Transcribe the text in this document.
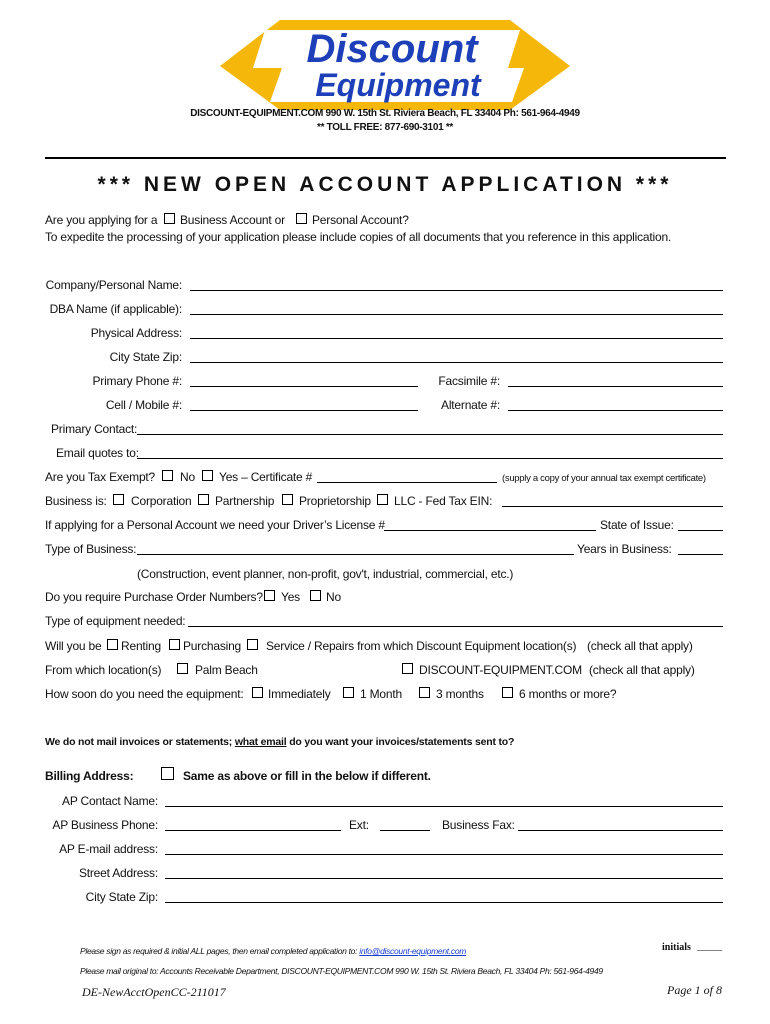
Discount
Equipment
DISCOUNT-EQUIPMENT.COM 990 W. 15th St. Riviera Beach, FL 33404 Ph: 561-964-4949
** TOLL FREE: 877-690-3101 **
*** NEW OPEN ACCOUNT APPLICATION ***
Are you applying for a Business Account or Personal Account?
To expedite the processing of your application please include copies of all documents that you reference in this application.
Company/Personal Name:
DBA Name (if applicable):
Physical Address:
City State Zip:
Primary Phone #:	Facsimile #:
Cell / Mobile #:	Alternate #:
Primary Contact:
Email quotes to:
Are you Tax Exempt? No Yes – Certificate #	(supply a copy of your annual tax exempt certificate)
Business is: Corporation Partnership Proprietorship LLC - Fed Tax EIN:
If applying for a Personal Account we need your Driver’s License #	State of Issue:
Type of Business:	Years in Business:
(Construction, event planner, non-profit, gov't, industrial, commercial, etc.)
Do you require Purchase Order Numbers? Yes No
Type of equipment needed:
Will you be Renting Purchasing Service / Repairs from which Discount Equipment location(s) (check all that apply)
From which location(s)	Palm Beach	DISCOUNT-EQUIPMENT.COM (check all that apply)
How soon do you need the equipment: Immediately 1 Month	3 months	6 months or more?
We do not mail invoices or statements; what email do you want your invoices/statements sent to?
Billing Address:	Same as above or fill in the below if different.
AP Contact Name:
AP Business Phone:	Ext:	Business Fax:
AP E-mail address:
Street Address:
City State Zip:
Please sign as required & initial ALL pages, then email completed application to: info@discount-equipment.com	initials _____
Please mail original to: Accounts Receivable Department, DISCOUNT-EQUIPMENT.COM 990 W. 15th St. Riviera Beach, FL 33404 Ph: 561-964-4949
DE-NewAcctOpenCC-211017	Page 1 of 8
